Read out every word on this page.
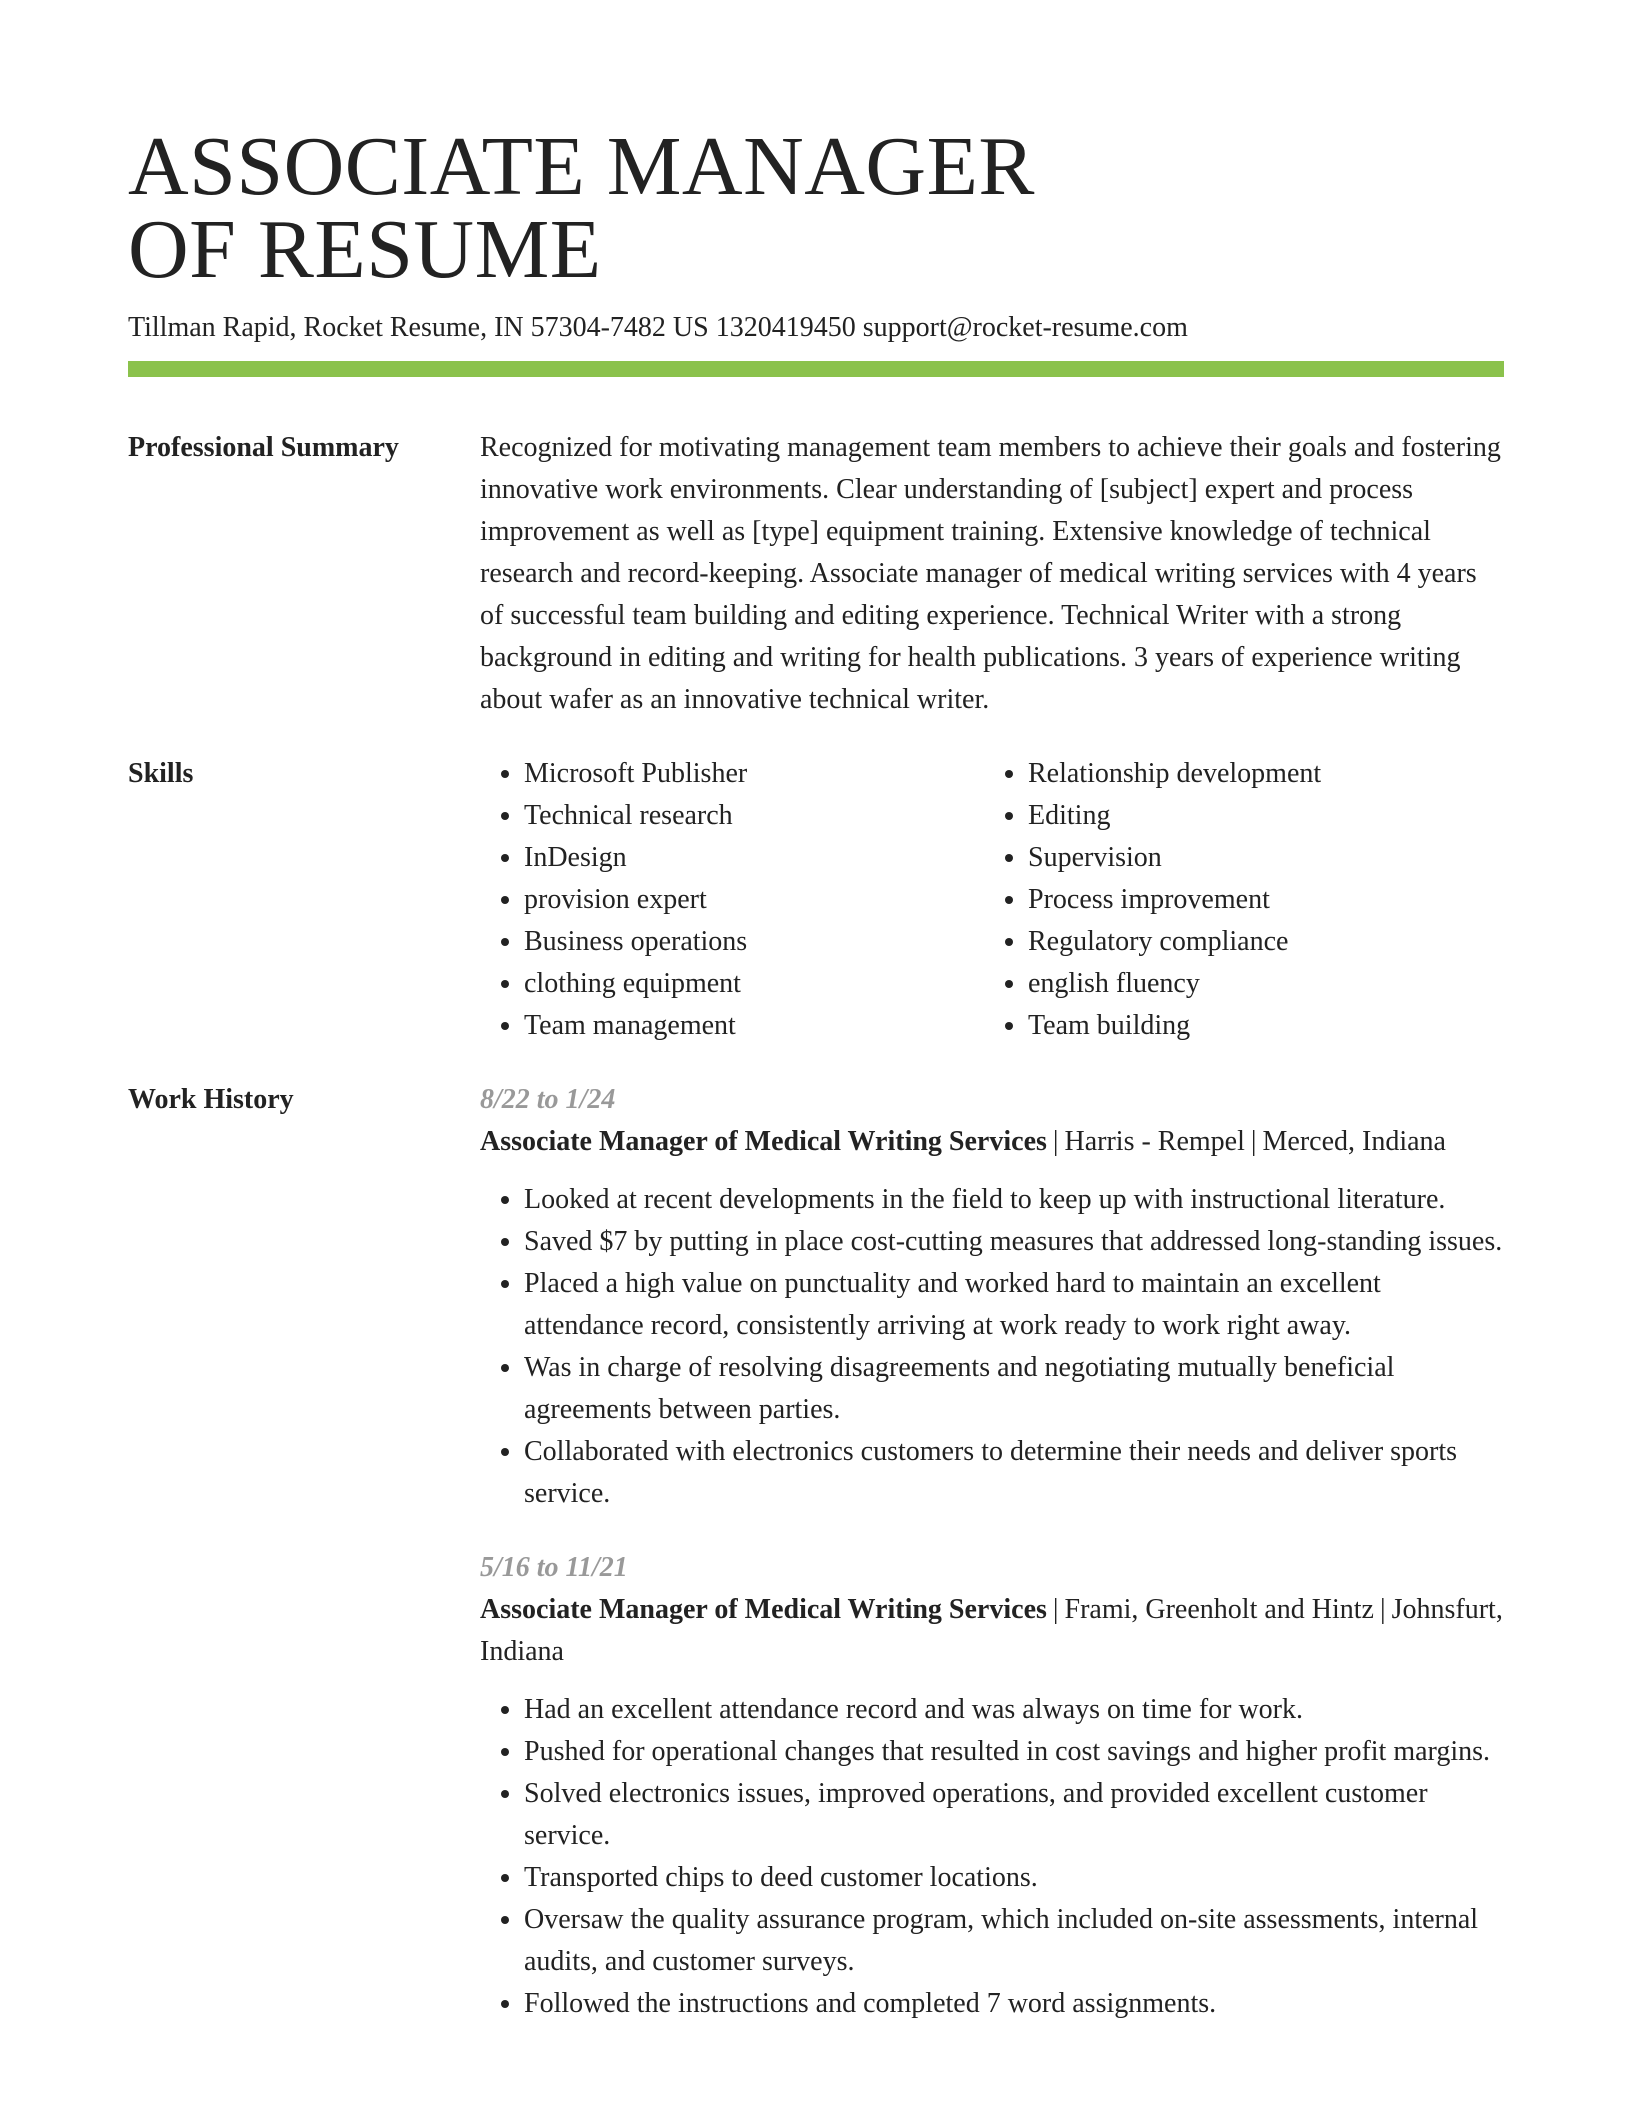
ASSOCIATE MANAGER
OF RESUME
Tillman Rapid, Rocket Resume, IN 57304-7482 US 1320419450 support@rocket-resume.com
Professional Summary	Recognized for motivating management team members to achieve their goals and fostering innovative work environments. Clear understanding of [subject] expert and process improvement as well as [type] equipment training. Extensive knowledge of technical research and record-keeping. Associate manager of medical writing services with 4 years of successful team building and editing experience. Technical Writer with a strong background in editing and writing for health publications. 3 years of experience writing about wafer as an innovative technical writer.
Skills
•	Microsoft Publisher
• Technical research
• InDesign
• provision expert
• Business operations
• clothing equipment
• Team management
• Relationship development
• Editing
• Supervision
• Process improvement
• Regulatory compliance
• english fluency
• Team building
Work History	8/22 to 1/24
Associate Manager of Medical Writing Services | Harris - Rempel | Merced, Indiana
• Looked at recent developments in the field to keep up with instructional literature.
• Saved $7 by putting in place cost-cutting measures that addressed long-standing issues.
• Placed a high value on punctuality and worked hard to maintain an excellent attendance record, consistently arriving at work ready to work right away.
• Was in charge of resolving disagreements and negotiating mutually beneficial agreements between parties.
• Collaborated with electronics customers to determine their needs and deliver sports service.
5/16 to 11/21
Associate Manager of Medical Writing Services | Frami, Greenholt and Hintz | Johnsfurt, Indiana
• Had an excellent attendance record and was always on time for work.
• Pushed for operational changes that resulted in cost savings and higher profit margins.
• Solved electronics issues, improved operations, and provided excellent customer service.
• Transported chips to deed customer locations.
• Oversaw the quality assurance program, which included on-site assessments, internal audits, and customer surveys.
• Followed the instructions and completed 7 word assignments.
